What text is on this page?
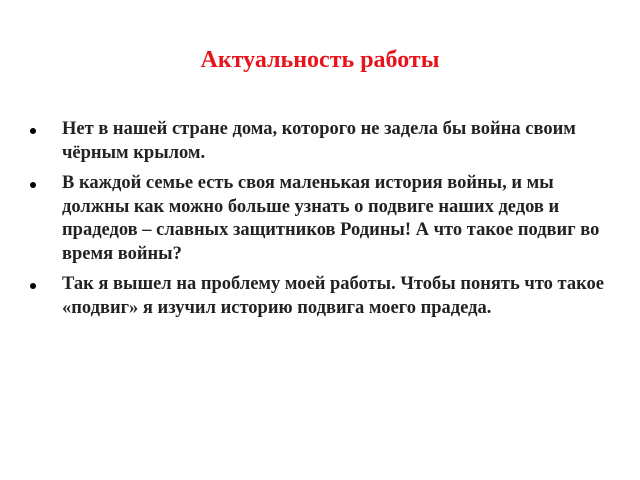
Актуальность работы
Нет в нашей стране дома, которого не задела бы война своим чёрным крылом.
В каждой семье есть своя маленькая история войны, и мы должны как можно больше узнать о подвиге наших дедов и прадедов – славных защитников Родины! А что такое подвиг во время войны?
Так я вышел на проблему моей работы. Чтобы понять что такое «подвиг» я изучил историю подвига моего прадеда.
